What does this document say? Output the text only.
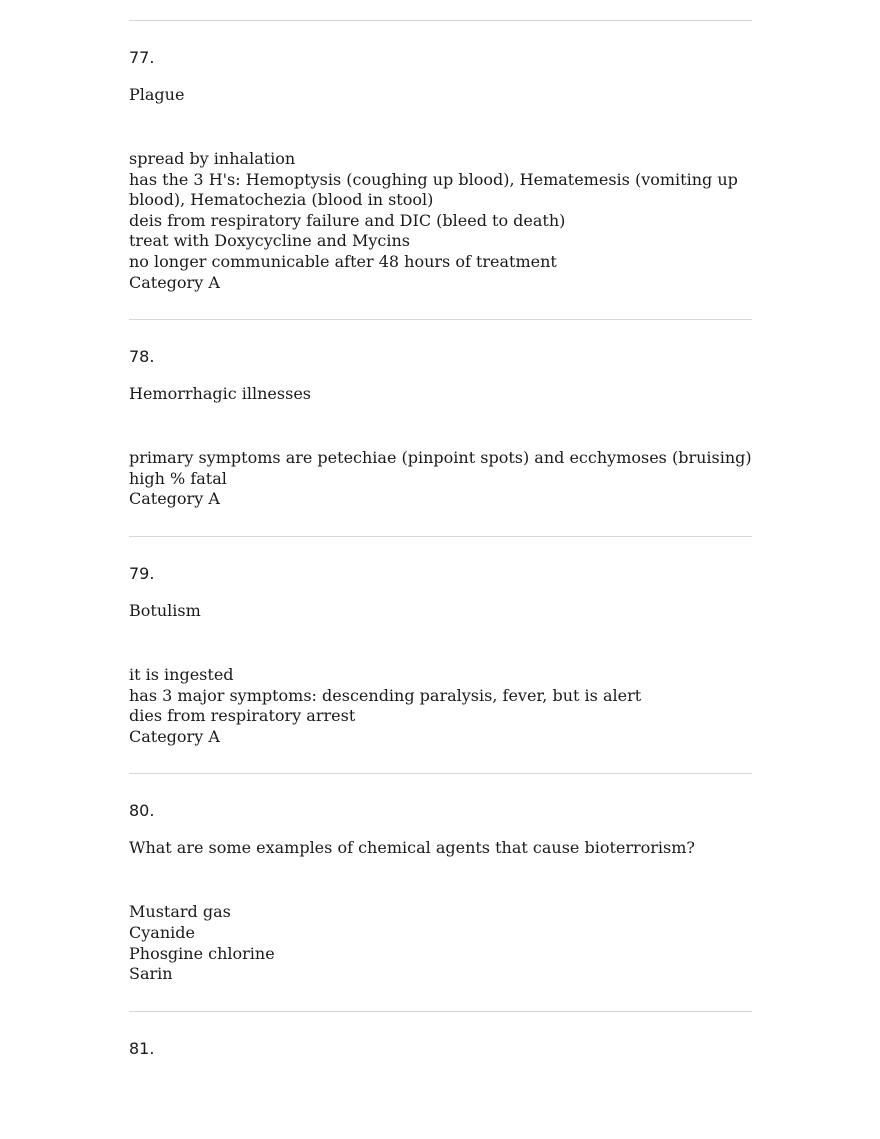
77.

Plague

spread by inhalation
has the 3 H's: Hemoptysis (coughing up blood), Hematemesis (vomiting up blood), Hematochezia (blood in stool)
deis from respiratory failure and DIC (bleed to death)
treat with Doxycycline and Mycins
no longer communicable after 48 hours of treatment
Category A

78.

Hemorrhagic illnesses

primary symptoms are petechiae (pinpoint spots) and ecchymoses (bruising)
high % fatal
Category A

79.

Botulism

it is ingested
has 3 major symptoms: descending paralysis, fever, but is alert
dies from respiratory arrest
Category A

80.

What are some examples of chemical agents that cause bioterrorism?

Mustard gas
Cyanide
Phosgine chlorine
Sarin

81.
